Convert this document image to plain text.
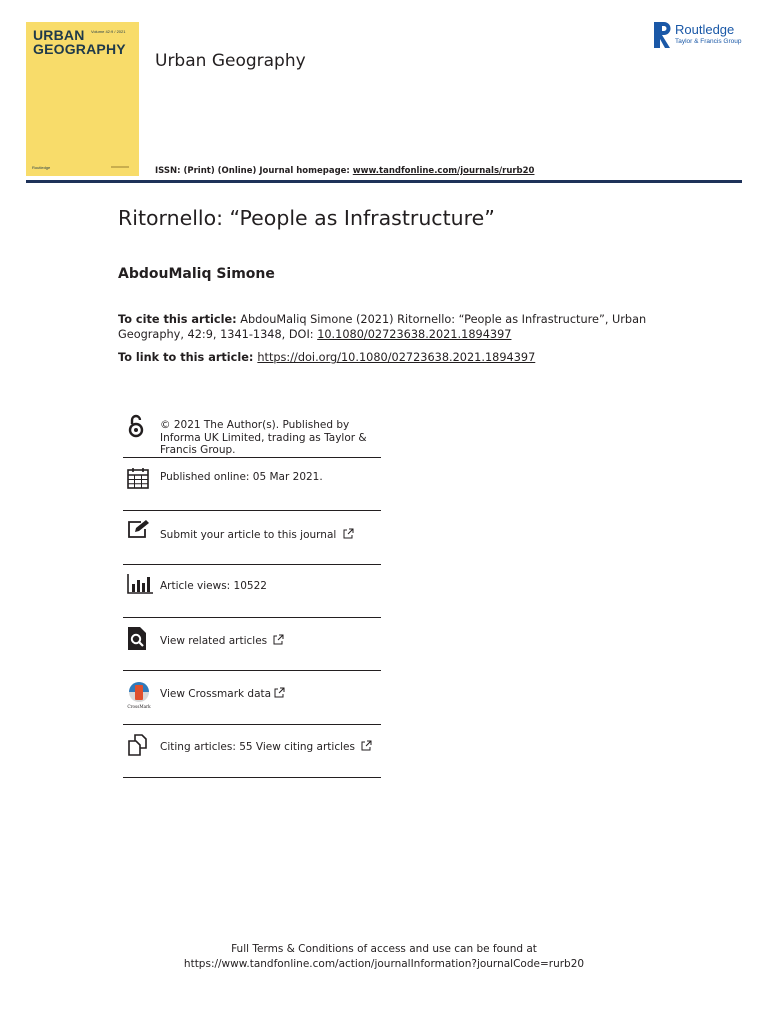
URBAN
GEOGRAPHY
Volume 42:9 / 2021
Routledge
Urban Geography
Routledge
Taylor & Francis Group
ISSN: (Print) (Online) Journal homepage: www.tandfonline.com/journals/rurb20
Ritornello: “People as Infrastructure”
AbdouMaliq Simone
To cite this article: AbdouMaliq Simone (2021) Ritornello: “People as Infrastructure”, Urban Geography, 42:9, 1341-1348, DOI: 10.1080/02723638.2021.1894397
To link to this article: https://doi.org/10.1080/02723638.2021.1894397
© 2021 The Author(s). Published by Informa UK Limited, trading as Taylor & Francis Group.
Published online: 05 Mar 2021.
Submit your article to this journal
Article views: 10522
View related articles
CrossMark
View Crossmark data
Citing articles: 55 View citing articles
Full Terms & Conditions of access and use can be found at
https://www.tandfonline.com/action/journalInformation?journalCode=rurb20
